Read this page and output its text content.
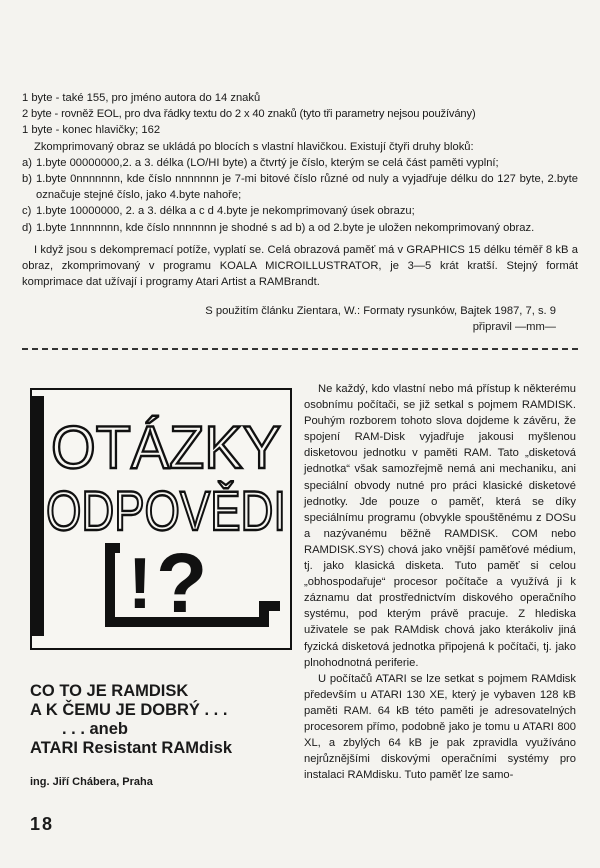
1 byte - také 155, pro jméno autora do 14 znaků
2 byte - rovněž EOL, pro dva řádky textu do 2 x 40 znaků (tyto tři parametry nejsou používány)
1 byte - konec hlavičky; 162
Zkomprimovaný obraz se ukládá po blocích s vlastní hlavičkou. Existují čtyři druhy bloků:
a) 1.byte 00000000,2. a 3. délka (LO/HI byte) a čtvrtý je číslo, kterým se celá část paměti vyplní;
b) 1.byte 0nnnnnnn, kde číslo nnnnnnn je 7-mi bitové číslo různé od nuly a vyjadřuje délku do 127 byte, 2.byte označuje stejné číslo, jako 4.byte nahoře;
c) 1.byte 10000000, 2. a 3. délka a c d 4.byte je nekomprimovaný úsek obrazu;
d) 1.byte 1nnnnnnn, kde číslo nnnnnnn je shodné s ad b) a od 2.byte je uložen nekomprimovaný obraz.
I když jsou s dekompremací potíže, vyplatí se. Celá obrazová paměť má v GRAPHICS 15 délku téměř 8 kB a obraz, zkomprimovaný v programu KOALA MICROILLUSTRATOR, je 3—5 krát kratší. Stejný formát komprimace dat užívají i programy Atari Artist a RAMBrandt.
S použitím článku Zientara, W.: Formaty rysunków, Bajtek 1987, 7, s. 9
připravil —mm—
OTÁZKY
ODPOVĚDI
! ?
CO TO JE RAMDISK
A K ČEMU JE DOBRÝ . . .
. . . aneb
ATARI Resistant RAMdisk
ing. Jiří Chábera, Praha
18

Ne každý, kdo vlastní nebo má přístup k některému osobnímu počítači, se již setkal s pojmem RAMDISK. Pouhým rozborem tohoto slova dojdeme k závěru, že spojení RAM-Disk vyjadřuje jakousi myšlenou disketovou jednotku v paměti RAM. Tato „disketová jednotka“ však samozřejmě nemá ani mechaniku, ani speciální obvody nutné pro práci klasické disketové jednotky. Jde pouze o paměť, která se díky speciálnímu programu (obvykle spouštěnému z DOSu a nazývanému běžně RAMDISK. COM nebo RAMDISK.SYS) chová jako vnější paměťové médium, tj. jako klasická disketa. Tuto paměť si celou „obhospodařuje“ procesor počítače a využívá ji k záznamu dat prostřednictvím diskového operačního systému, pod kterým právě pracuje. Z hlediska uživatele se pak RAMdisk chová jako kterákoliv jiná fyzická disketová jednotka připojená k počítači, tj. jako plnohodnotná periferie.

U počítačů ATARI se lze setkat s pojmem RAMdisk především u ATARI 130 XE, který je vybaven 128 kB paměti RAM. 64 kB této paměti je adresovatelných procesorem přímo, podobně jako je tomu u ATARI 800 XL, a zbylých 64 kB je pak zpravidla využíváno nejrůznějšími diskovými operačními systémy pro instalaci RAMdisku. Tuto paměť lze samo-
